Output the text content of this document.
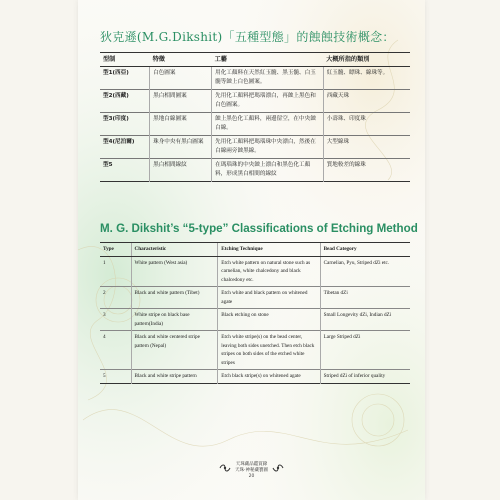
狄克遜(M.G.Dikshit)「五種型態」的蝕蝕技術概念：
型制	特徵	工藝	大概所指的類別
型1(西亞)	白色圖案	用化工顏料在天然紅玉髓、黑玉髓、白玉髓等蝕上白色圖案。	紅玉髓、瞟珠、線珠等。
型2(西藏)	黑白相間圖案	先用化工顏料把瑪瑙漂白，再蝕上黑色和白色圖案。	西藏天珠
型3(印度)	黑地白線圖案	蝕上黑色化工顏料，兩邊留空，在中央蝕白線。	小壽珠、印度珠
型4(尼泊爾)	珠身中央有黑白圖案	先用化工顏料把瑪瑙珠中央漂白，然後在白線兩旁蝕黑線。	大型線珠
型5	黑白相間線紋	在瑪瑙珠的中央蝕上漂白和黑色化工顏料，形成黑白相間的線紋	質地較差的線珠
M. G. Dikshit’s “5-type” Classifications of Etching Method
Type	Characteristic	Etching Technique	Bead Category
1	White pattern (West asia)	Etch white pattern on natural stone such as carnelian, white chalcedony and black chalcedony etc.	Carnelian, Pyu, Striped dZi etc.
2	Black and white pattern (Tibet)	Etch white and black pattern on whitened agate	Tibetan dZi
3	White stripe on black base pattern(India)	Black etching on stone	Small Longevity dZi, Indian dZi
4	Black and white centered stripe pattern (Nepal)	Etch white stripe(s) on the bead center, leaving both sides unetched. Then etch black stripes on both sides of the etched white stripes	Large Striped dZi
5	Black and white stripe pattern	Etch black stripe(s) on whitened agate	Striped dZi of inferior quality
天珠藏品鑑賞錄
天珠·神秘藏寶圖
20
